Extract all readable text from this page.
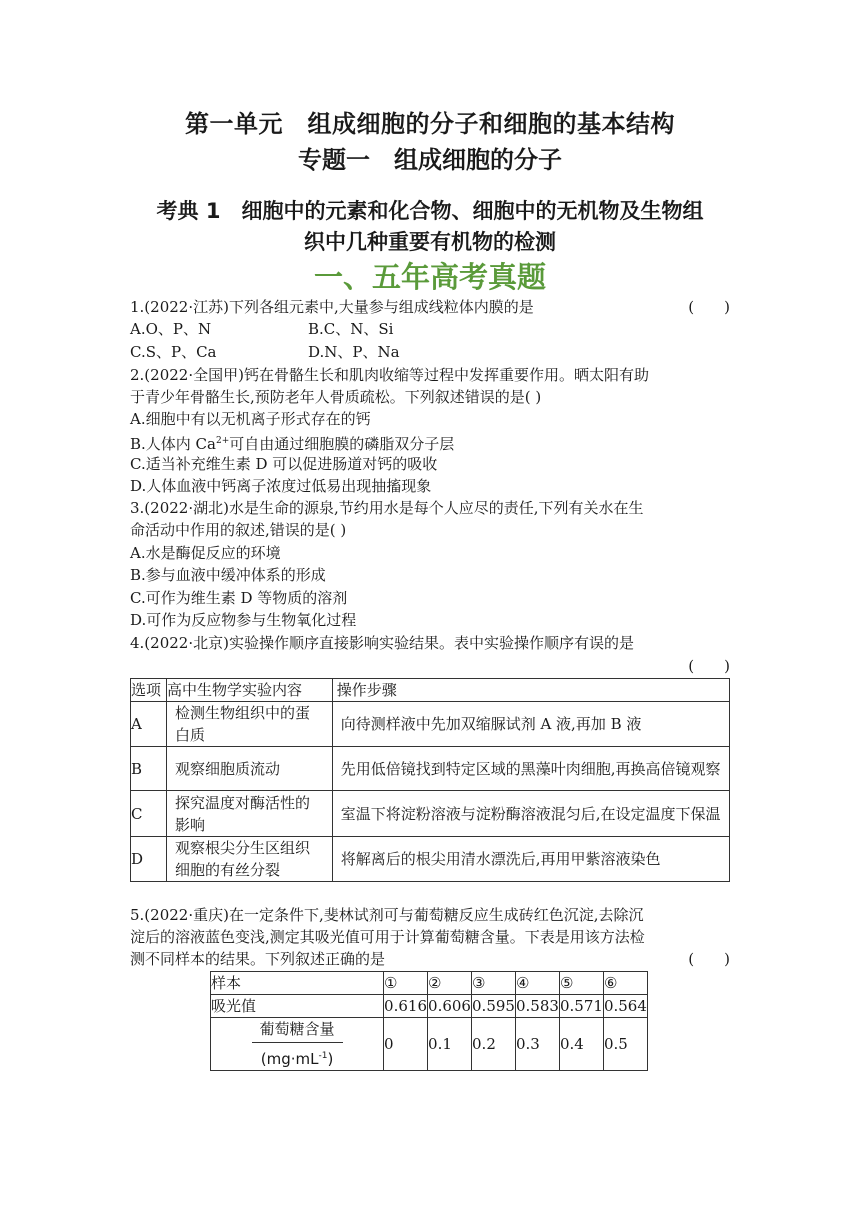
第一单元　组成细胞的分子和细胞的基本结构
专题一　组成细胞的分子
考典 1　细胞中的元素和化合物、细胞中的无机物及生物组
织中几种重要有机物的检测
一、五年高考真题
1.(2022·江苏)下列各组元素中,大量参与组成线粒体内膜的是	(　　)
A.O、P、N	B.C、N、Si
C.S、P、Ca	D.N、P、Na
2.(2022·全国甲)钙在骨骼生长和肌肉收缩等过程中发挥重要作用。晒太阳有助
于青少年骨骼生长,预防老年人骨质疏松。下列叙述错误的是( )
A.细胞中有以无机离子形式存在的钙
B.人体内 $Ca^{2+}$可自由通过细胞膜的磷脂双分子层
C.适当补充维生素 D 可以促进肠道对钙的吸收
D.人体血液中钙离子浓度过低易出现抽搐现象
3.(2022·湖北)水是生命的源泉,节约用水是每个人应尽的责任,下列有关水在生
命活动中作用的叙述,错误的是( )
A.水是酶促反应的环境
B.参与血液中缓冲体系的形成
C.可作为维生素 D 等物质的溶剂
D.可作为反应物参与生物氧化过程
4.(2022·北京)实验操作顺序直接影响实验结果。表中实验操作顺序有误的是
(　　)
选项	高中生物学实验内容	操作步骤
A	检测生物组织中的蛋白质	向待测样液中先加双缩脲试剂 A 液,再加 B 液
B	观察细胞质流动	先用低倍镜找到特定区域的黑藻叶肉细胞,再换高倍镜观察
C	探究温度对酶活性的影响	室温下将淀粉溶液与淀粉酶溶液混匀后,在设定温度下保温
D	观察根尖分生区组织细胞的有丝分裂	将解离后的根尖用清水漂洗后,再用甲紫溶液染色
5.(2022·重庆)在一定条件下,斐林试剂可与葡萄糖反应生成砖红色沉淀,去除沉
淀后的溶液蓝色变浅,测定其吸光值可用于计算葡萄糖含量。下表是用该方法检
测不同样本的结果。下列叙述正确的是	(　　)
样本	①	②	③	④	⑤	⑥
吸光值	0.616	0.606	0.595	0.583	0.571	0.564

$\frac{\text{葡萄糖含量}}{(mg\cdot mL^{-1})}$	0	0.1	0.2	0.3	0.4	0.5
